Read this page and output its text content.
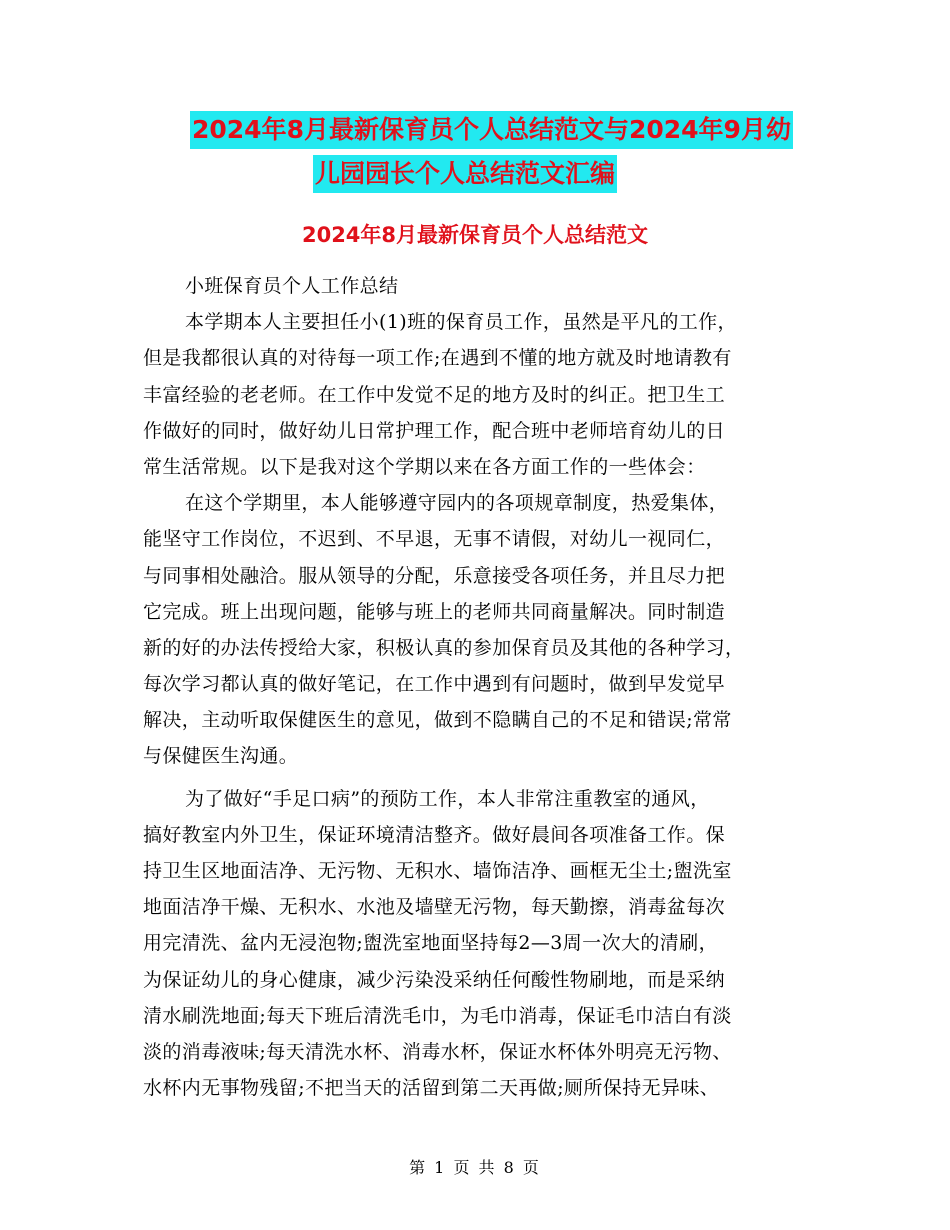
2024年8月最新保育员个人总结范文与2024年9月幼
儿园园长个人总结范文汇编
2024年8月最新保育员个人总结范文
小班保育员个人工作总结
本学期本人主要担任小(1)班的保育员工作，虽然是平凡的工作，
但是我都很认真的对待每一项工作;在遇到不懂的地方就及时地请教有
丰富经验的老老师。在工作中发觉不足的地方及时的纠正。把卫生工
作做好的同时，做好幼儿日常护理工作，配合班中老师培育幼儿的日
常生活常规。以下是我对这个学期以来在各方面工作的一些体会：
在这个学期里，本人能够遵守园内的各项规章制度，热爱集体，
能坚守工作岗位，不迟到、不早退，无事不请假，对幼儿一视同仁，
与同事相处融洽。服从领导的分配，乐意接受各项任务，并且尽力把
它完成。班上出现问题，能够与班上的老师共同商量解决。同时制造
新的好的办法传授给大家，积极认真的参加保育员及其他的各种学习，
每次学习都认真的做好笔记，在工作中遇到有问题时，做到早发觉早
解决，主动听取保健医生的意见，做到不隐瞒自己的不足和错误;常常
与保健医生沟通。
为了做好“手足口病”的预防工作，本人非常注重教室的通风，
搞好教室内外卫生，保证环境清洁整齐。做好晨间各项准备工作。保
持卫生区地面洁净、无污物、无积水、墙饰洁净、画框无尘土;盥洗室
地面洁净干燥、无积水、水池及墙壁无污物，每天勤擦，消毒盆每次
用完清洗、盆内无浸泡物;盥洗室地面坚持每2—3周一次大的清刷，
为保证幼儿的身心健康，减少污染没采纳任何酸性物刷地，而是采纳
清水刷洗地面;每天下班后清洗毛巾，为毛巾消毒，保证毛巾洁白有淡
淡的消毒液味;每天清洗水杯、消毒水杯，保证水杯体外明亮无污物、
水杯内无事物残留;不把当天的活留到第二天再做;厕所保持无异味、
第 1 页 共 8 页
